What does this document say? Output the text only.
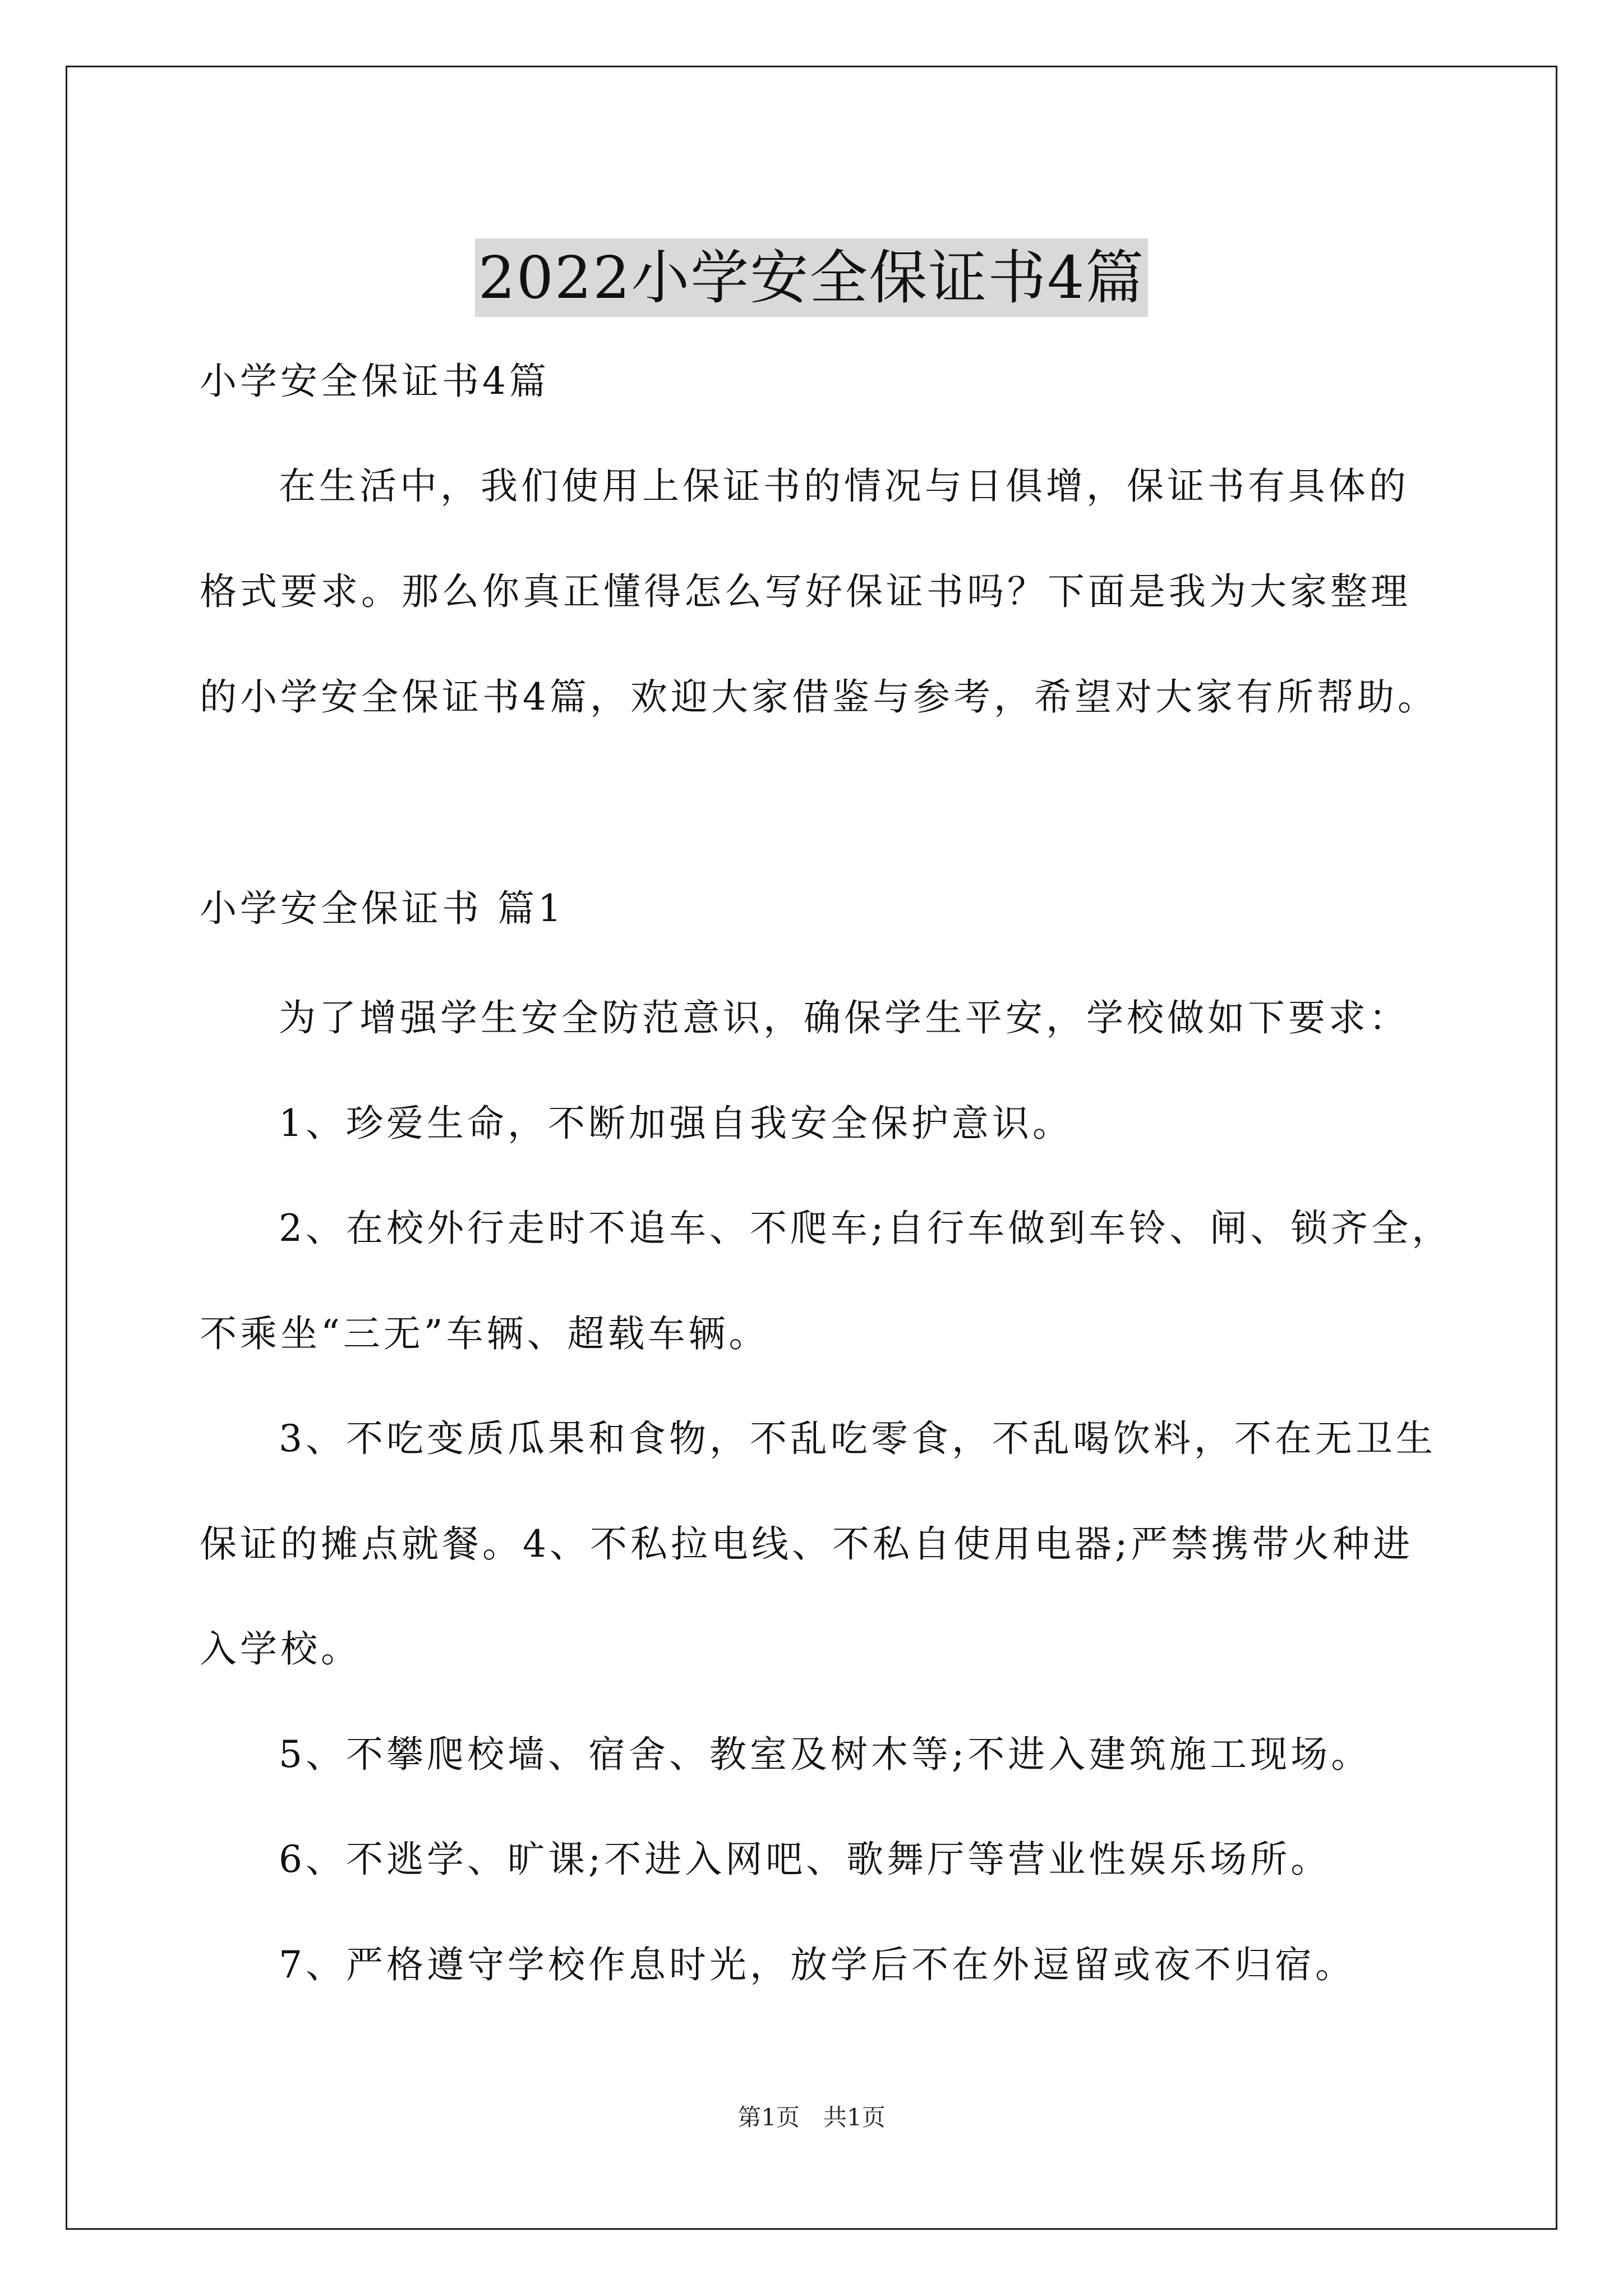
2022小学安全保证书4篇
小学安全保证书4篇
在生活中，我们使用上保证书的情况与日俱增，保证书有具体的
格式要求。那么你真正懂得怎么写好保证书吗？下面是我为大家整理
的小学安全保证书4篇，欢迎大家借鉴与参考，希望对大家有所帮助。
小学安全保证书 篇1
为了增强学生安全防范意识，确保学生平安，学校做如下要求：
1、珍爱生命，不断加强自我安全保护意识。
2、在校外行走时不追车、不爬车;自行车做到车铃、闸、锁齐全，
不乘坐“三无”车辆、超载车辆。
3、不吃变质瓜果和食物，不乱吃零食，不乱喝饮料，不在无卫生
保证的摊点就餐。4、不私拉电线、不私自使用电器;严禁携带火种进
入学校。
5、不攀爬校墙、宿舍、教室及树木等;不进入建筑施工现场。
6、不逃学、旷课;不进入网吧、歌舞厅等营业性娱乐场所。
7、严格遵守学校作息时光，放学后不在外逗留或夜不归宿。
第1页　共1页
